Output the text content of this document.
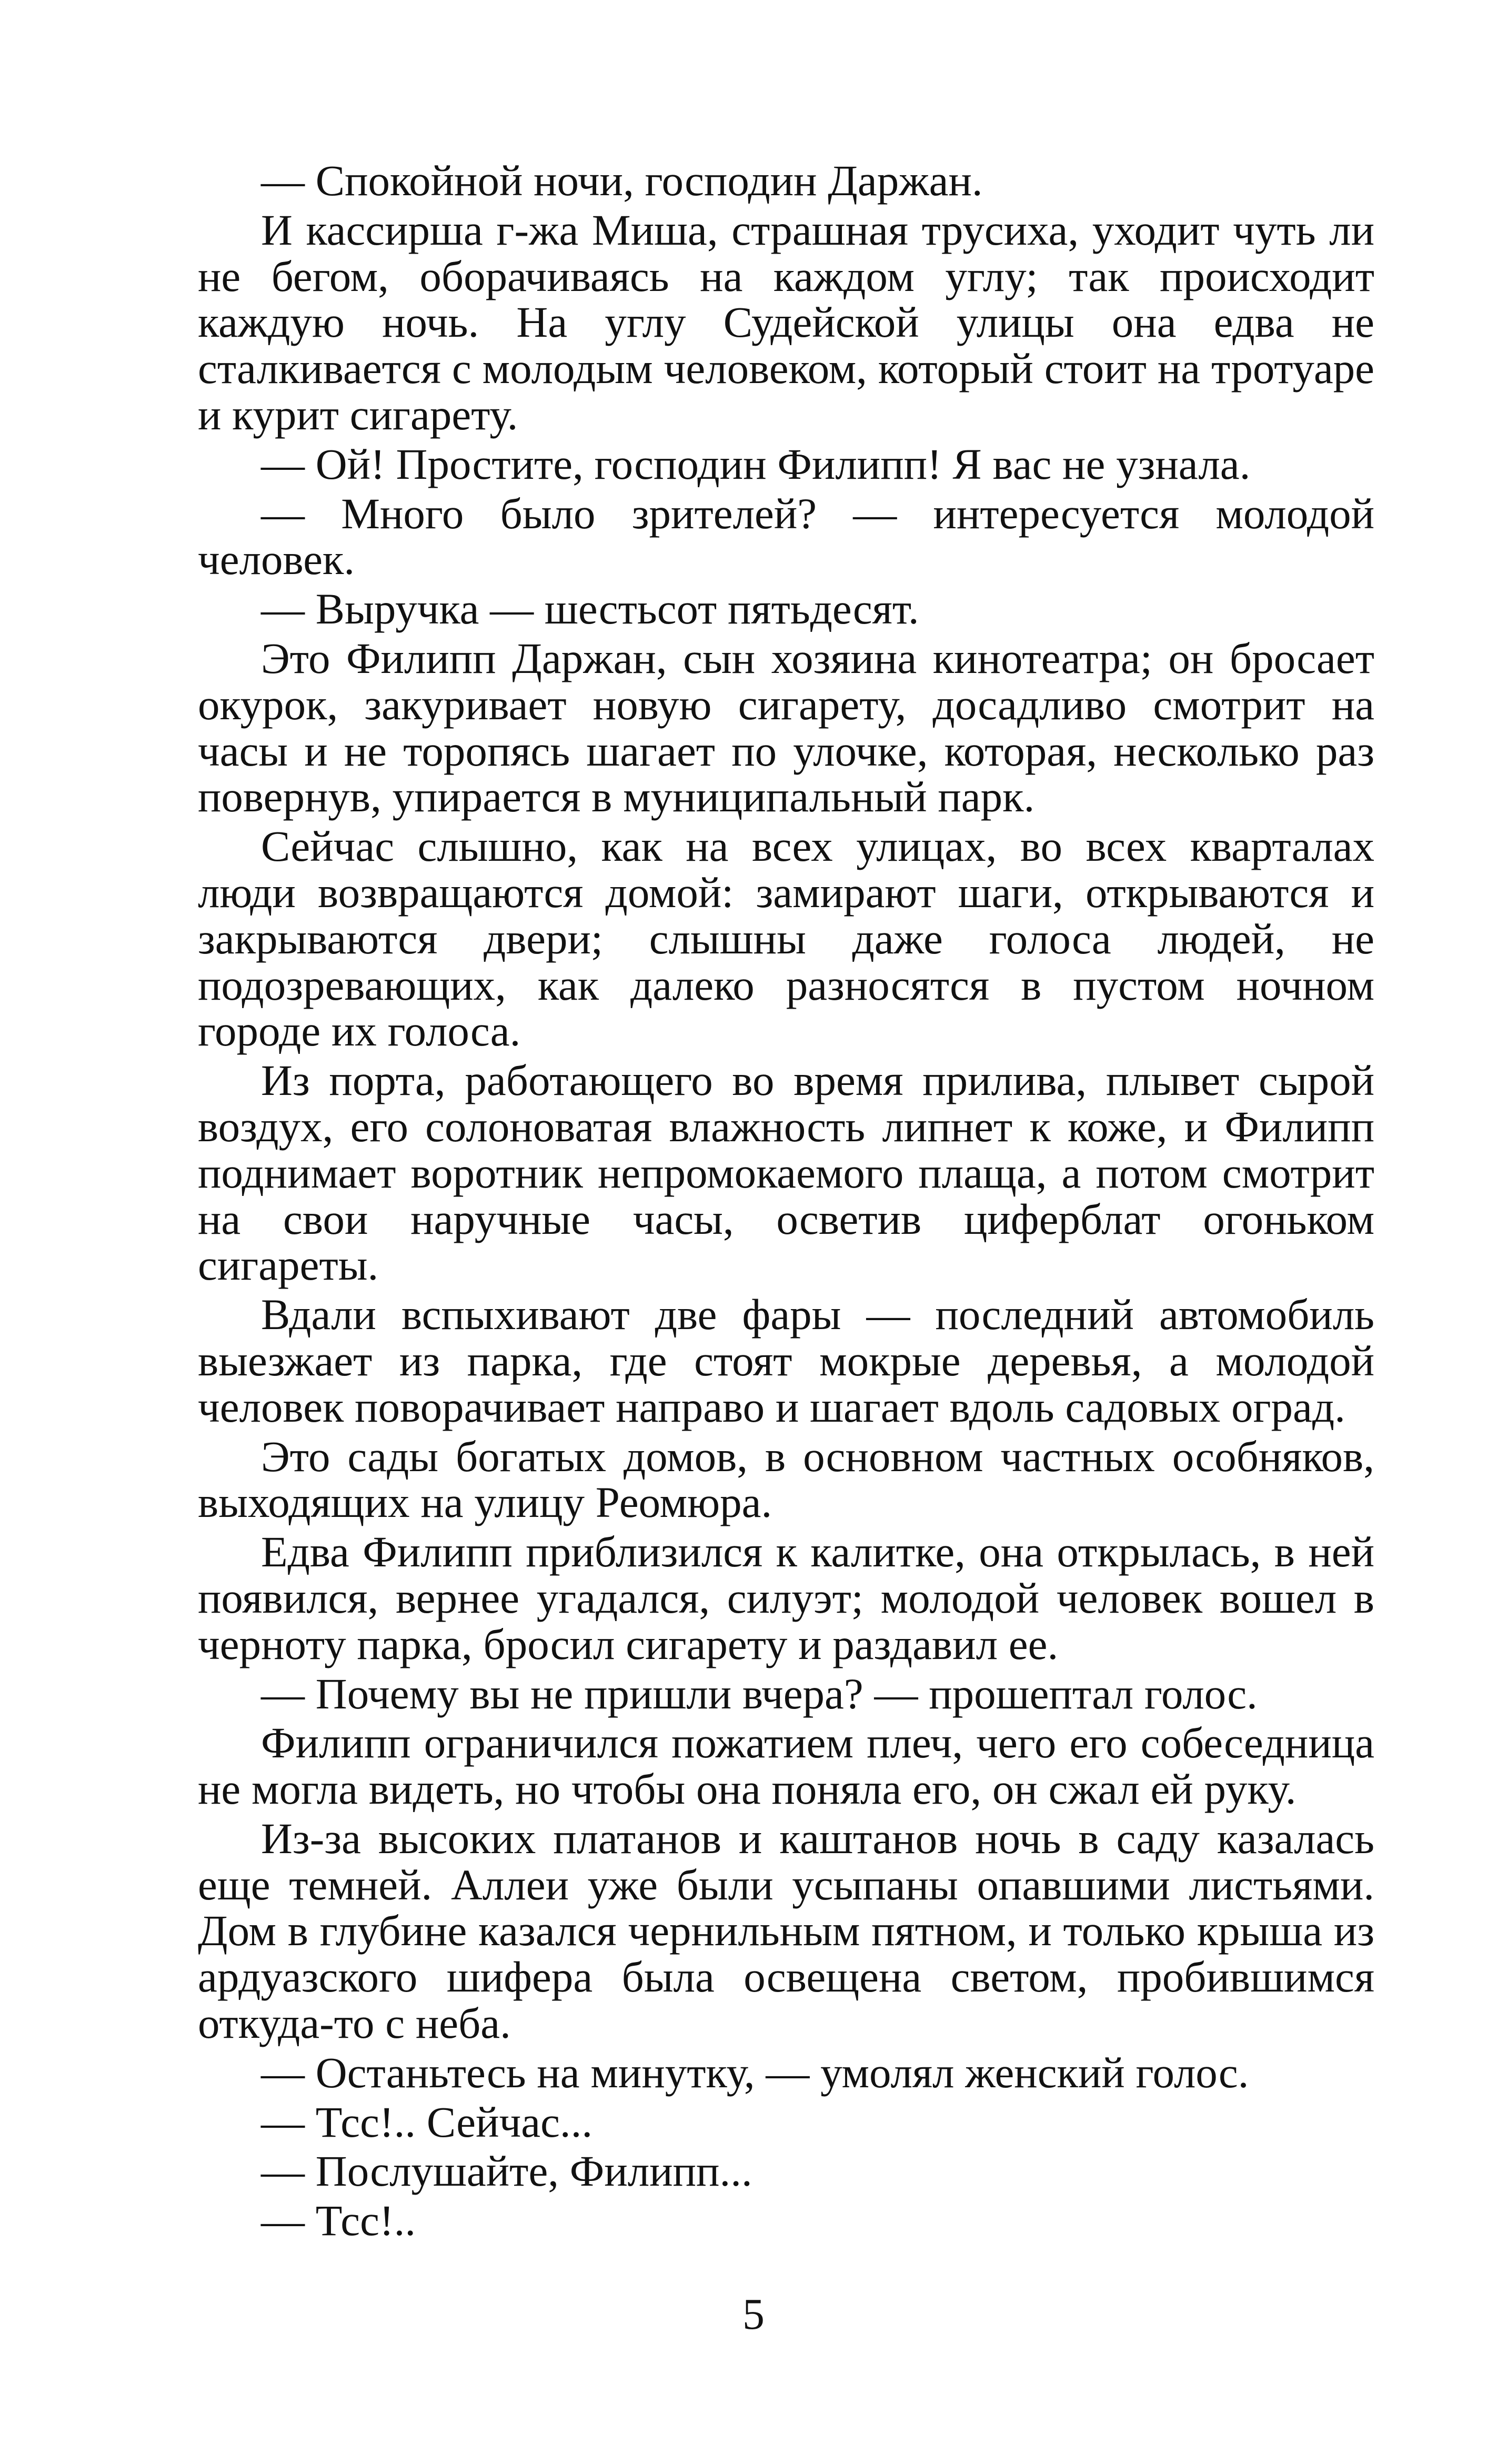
— Спокойной ночи, господин Даржан.

И кассирша г-жа Миша, страшная трусиха, уходит чуть ли не бегом, оборачиваясь на каждом углу; так происходит каждую ночь. На углу Судейской улицы она едва не сталкивается с молодым человеком, который стоит на тротуаре и курит сигарету.

— Ой! Простите, господин Филипп! Я вас не узнала.

— Много было зрителей? — интересуется молодой человек.

— Выручка — шестьсот пятьдесят.

Это Филипп Даржан, сын хозяина кинотеатра; он бросает окурок, закуривает новую сигарету, досадливо смотрит на часы и не торопясь шагает по улочке, которая, несколько раз повернув, упирается в муниципальный парк.

Сейчас слышно, как на всех улицах, во всех кварталах люди возвращаются домой: замирают шаги, открываются и закрываются двери; слышны даже голоса людей, не подозревающих, как далеко разносятся в пустом ночном городе их голоса.

Из порта, работающего во время прилива, плывет сырой воздух, его солоноватая влажность липнет к коже, и Филипп поднимает воротник непромокаемого плаща, а потом смотрит на свои наручные часы, осветив циферблат огоньком сигареты.

Вдали вспыхивают две фары — последний автомобиль выезжает из парка, где стоят мокрые деревья, а молодой человек поворачивает направо и шагает вдоль садовых оград.

Это сады богатых домов, в основном частных особняков, выходящих на улицу Реомюра.

Едва Филипп приблизился к калитке, она открылась, в ней появился, вернее угадался, силуэт; молодой человек вошел в черноту парка, бросил сигарету и раздавил ее.

— Почему вы не пришли вчера? — прошептал голос.

Филипп ограничился пожатием плеч, чего его собеседница не могла видеть, но чтобы она поняла его, он сжал ей руку.

Из-за высоких платанов и каштанов ночь в саду казалась еще темней. Аллеи уже были усыпаны опавшими листьями. Дом в глубине казался чернильным пятном, и только крыша из ардуазского шифера была освещена светом, пробившимся откуда-то с неба.

— Останьтесь на минутку, — умолял женский голос.

— Тсс!.. Сейчас...

— Послушайте, Филипп...

— Тсс!..

5
